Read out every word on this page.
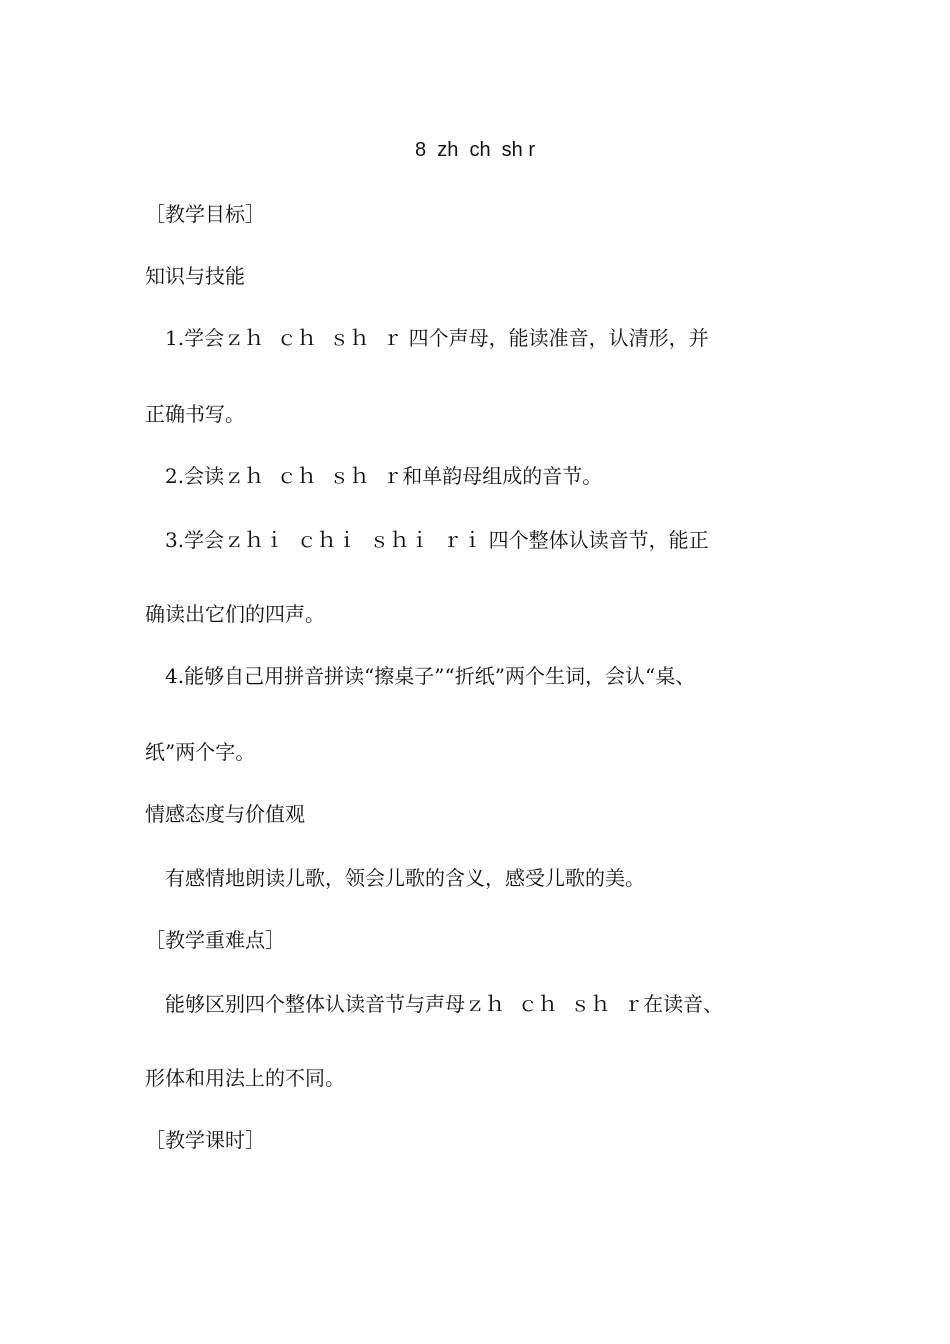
8  zh  ch  sh r
［教学目标］
知识与技能
1.学会ｚｈ  ｃｈ  ｓｈ  ｒ 四个声母，能读准音，认清形，并
正确书写。
2.会读ｚｈ  ｃｈ  ｓｈ  ｒ和单韵母组成的音节。
3.学会ｚｈｉ  ｃｈｉ  ｓｈｉ  ｒｉ 四个整体认读音节，能正
确读出它们的四声。
4.能够自己用拼音拼读“擦桌子”“折纸”两个生词，会认“桌、
纸”两个字。
情感态度与价值观
有感情地朗读儿歌，领会儿歌的含义，感受儿歌的美。
［教学重难点］
能够区别四个整体认读音节与声母ｚｈ  ｃｈ  ｓｈ  ｒ在读音、
形体和用法上的不同。
［教学课时］
